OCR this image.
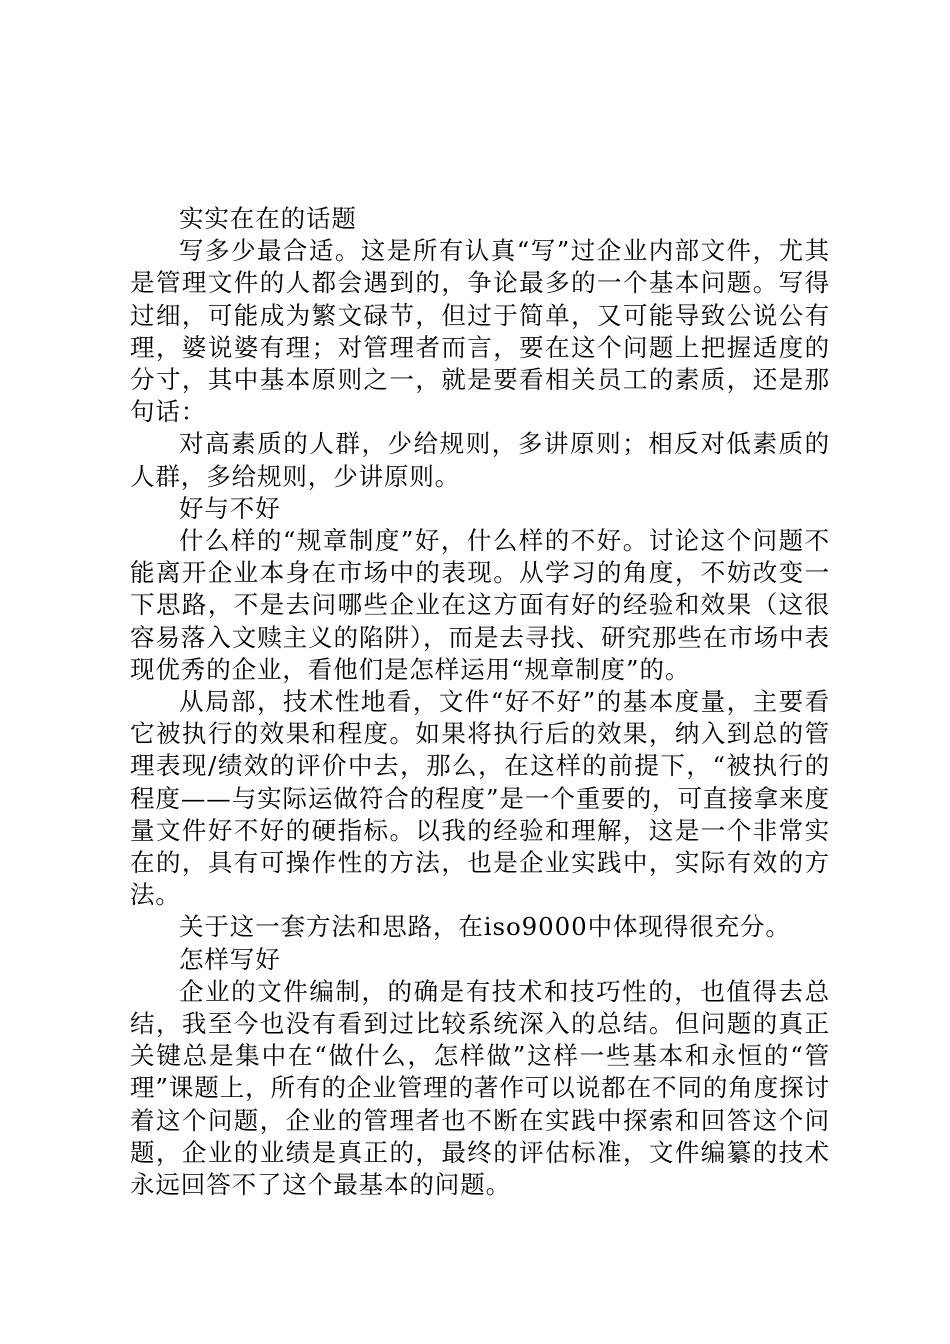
实实在在的话题

写多少最合适。这是所有认真“写”过企业内部文件，尤其是管理文件的人都会遇到的，争论最多的一个基本问题。写得过细，可能成为繁文碌节，但过于简单，又可能导致公说公有理，婆说婆有理；对管理者而言，要在这个问题上把握适度的分寸，其中基本原则之一，就是要看相关员工的素质，还是那句话：

对高素质的人群，少给规则，多讲原则；相反对低素质的人群，多给规则，少讲原则。

好与不好

什么样的“规章制度”好，什么样的不好。讨论这个问题不能离开企业本身在市场中的表现。从学习的角度，不妨改变一下思路，不是去问哪些企业在这方面有好的经验和效果（这很容易落入文赎主义的陷阱），而是去寻找、研究那些在市场中表现优秀的企业，看他们是怎样运用“规章制度”的。

从局部，技术性地看，文件“好不好”的基本度量，主要看它被执行的效果和程度。如果将执行后的效果，纳入到总的管理表现/绩效的评价中去，那么，在这样的前提下，“被执行的程度——与实际运做符合的程度”是一个重要的，可直接拿来度量文件好不好的硬指标。以我的经验和理解，这是一个非常实在的，具有可操作性的方法，也是企业实践中，实际有效的方法。

关于这一套方法和思路，在iso9000中体现得很充分。

怎样写好

企业的文件编制，的确是有技术和技巧性的，也值得去总结，我至今也没有看到过比较系统深入的总结。但问题的真正关键总是集中在“做什么，怎样做”这样一些基本和永恒的“管理”课题上，所有的企业管理的著作可以说都在不同的角度探讨着这个问题，企业的管理者也不断在实践中探索和回答这个问题，企业的业绩是真正的，最终的评估标准，文件编纂的技术永远回答不了这个最基本的问题。
